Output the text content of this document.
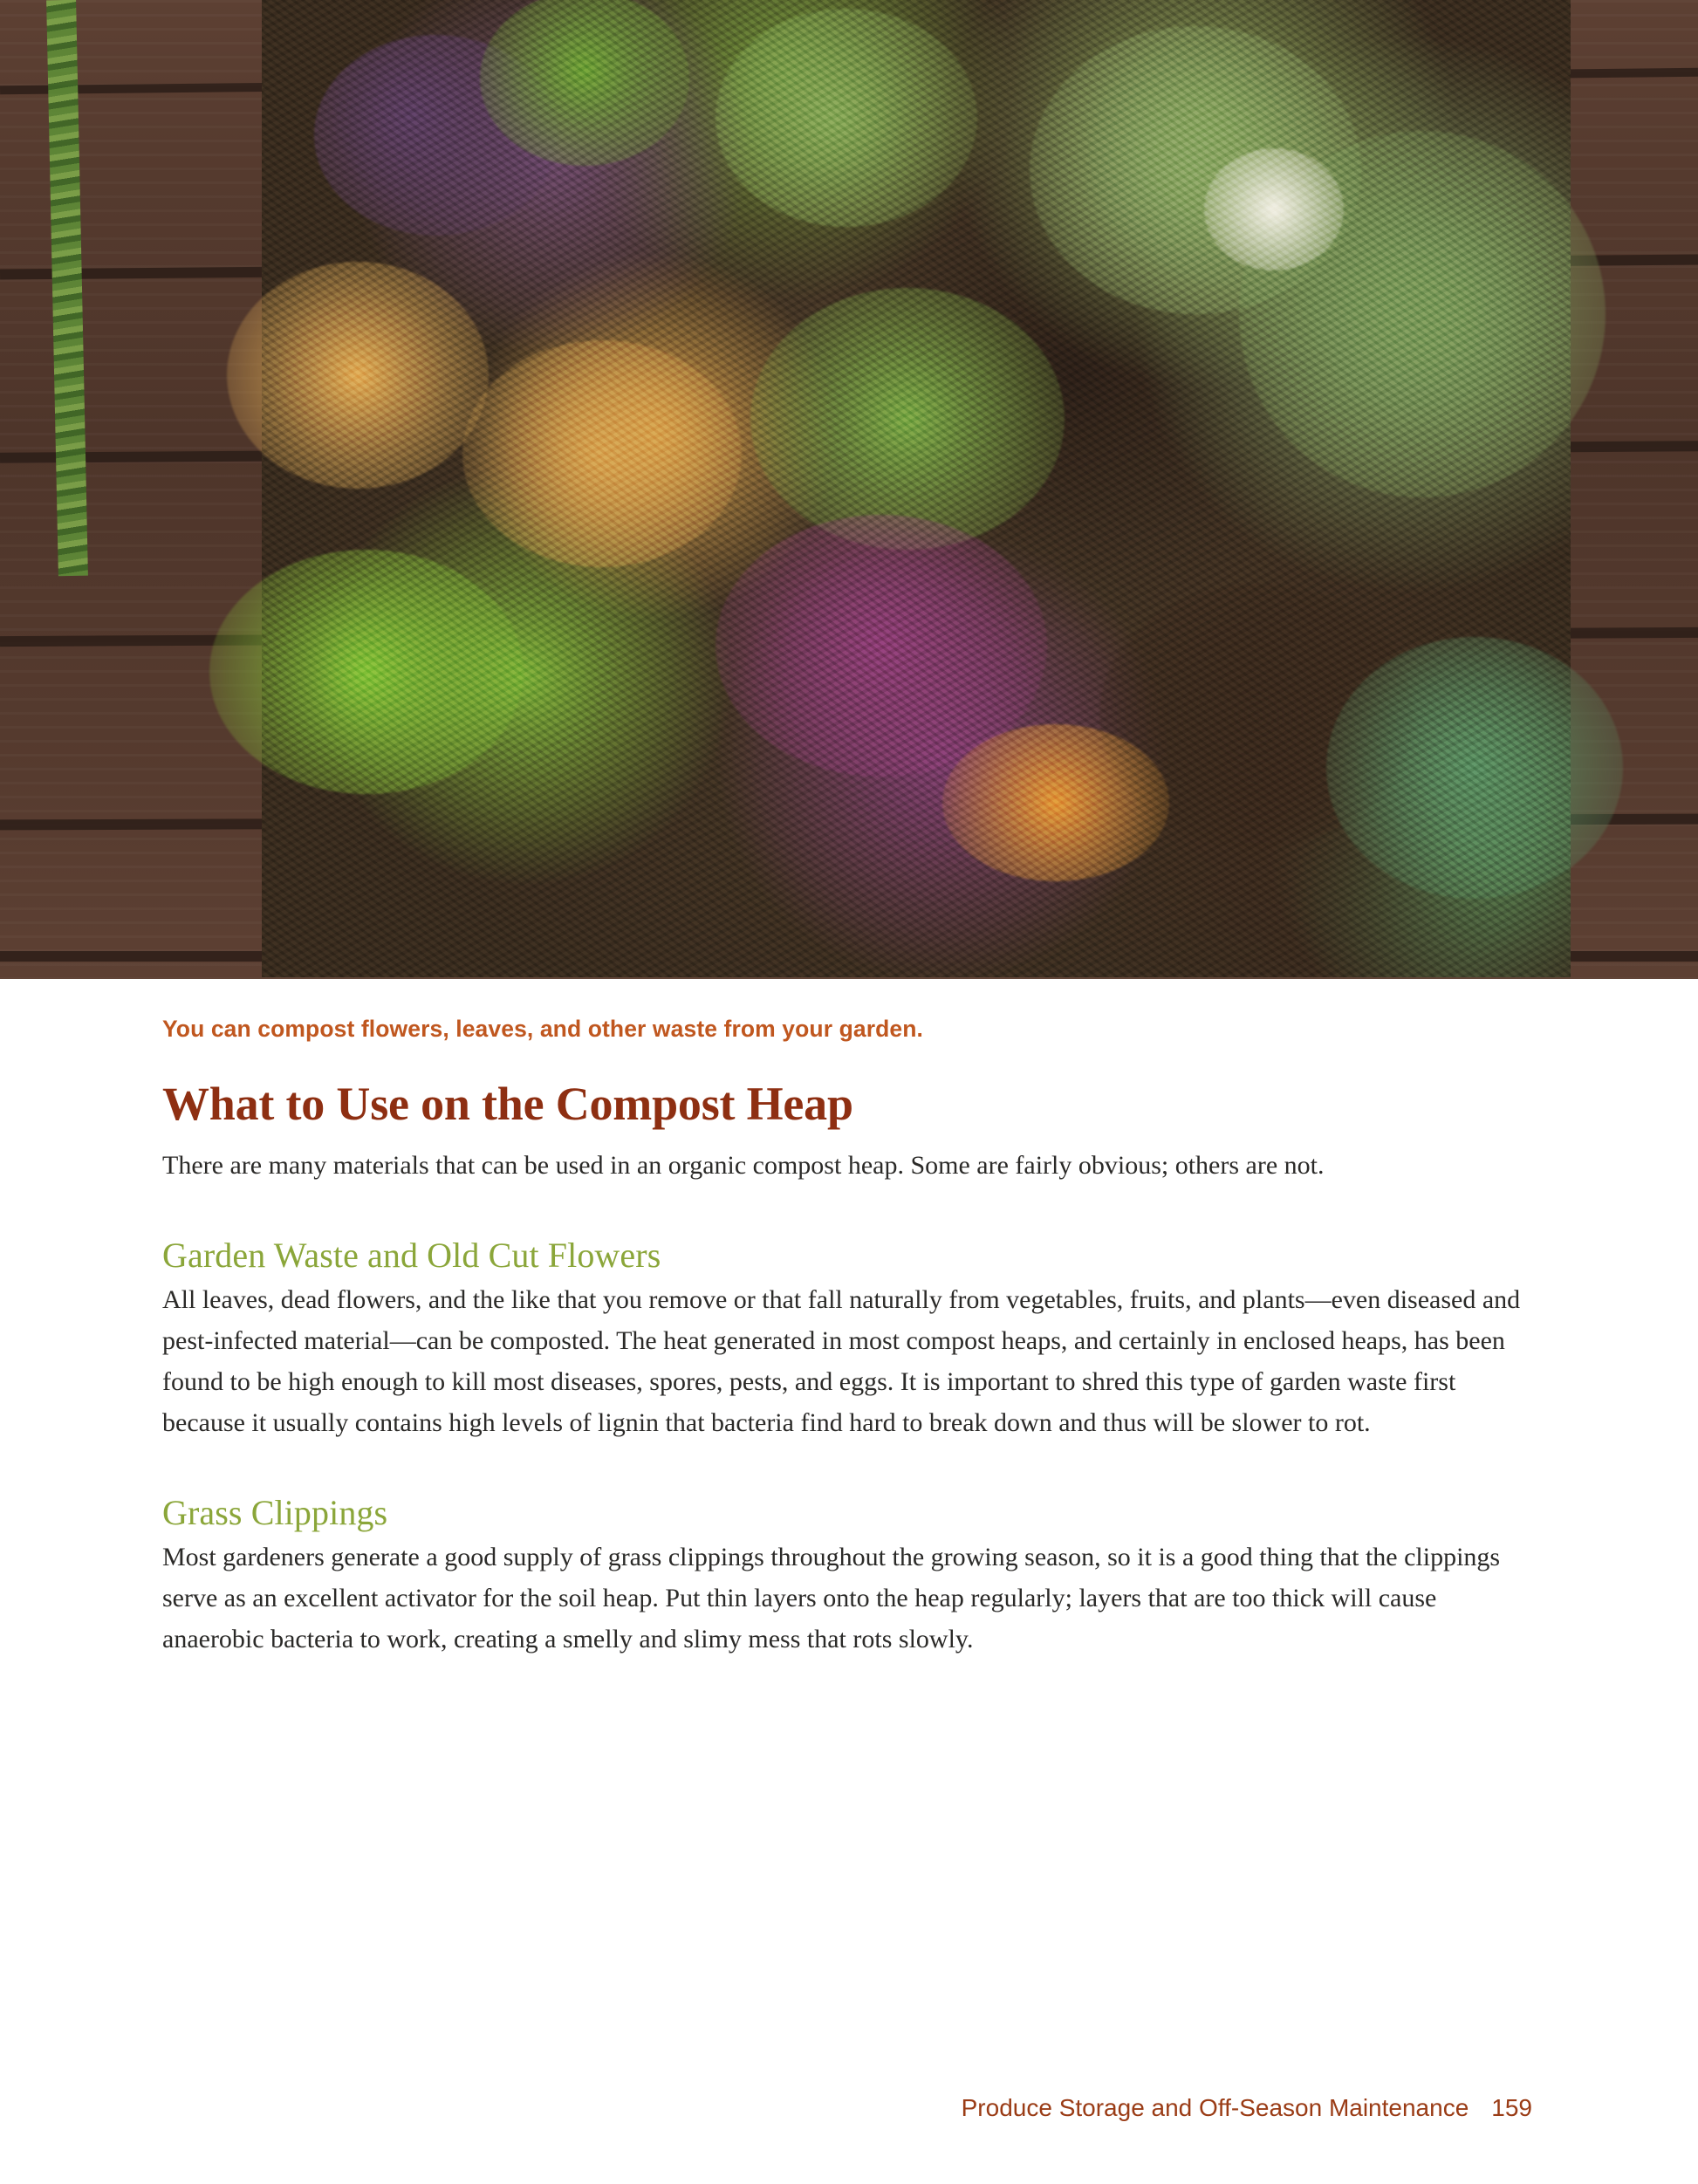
You can compost flowers, leaves, and other waste from your garden.
What to Use on the Compost Heap

There are many materials that can be used in an organic compost heap. Some are fairly obvious; others are not.

Garden Waste and Old Cut Flowers

All leaves, dead flowers, and the like that you remove or that fall naturally from vegetables, fruits, and plants—even diseased and pest-infected material—can be composted. The heat generated in most compost heaps, and certainly in enclosed heaps, has been found to be high enough to kill most diseases, spores, pests, and eggs. It is important to shred this type of garden waste first because it usually contains high levels of lignin that bacteria find hard to break down and thus will be slower to rot.

Grass Clippings

Most gardeners generate a good supply of grass clippings throughout the growing season, so it is a good thing that the clippings serve as an excellent activator for the soil heap. Put thin layers onto the heap regularly; layers that are too thick will cause anaerobic bacteria to work, creating a smelly and slimy mess that rots slowly.

Produce Storage and Off-Season Maintenance 159
